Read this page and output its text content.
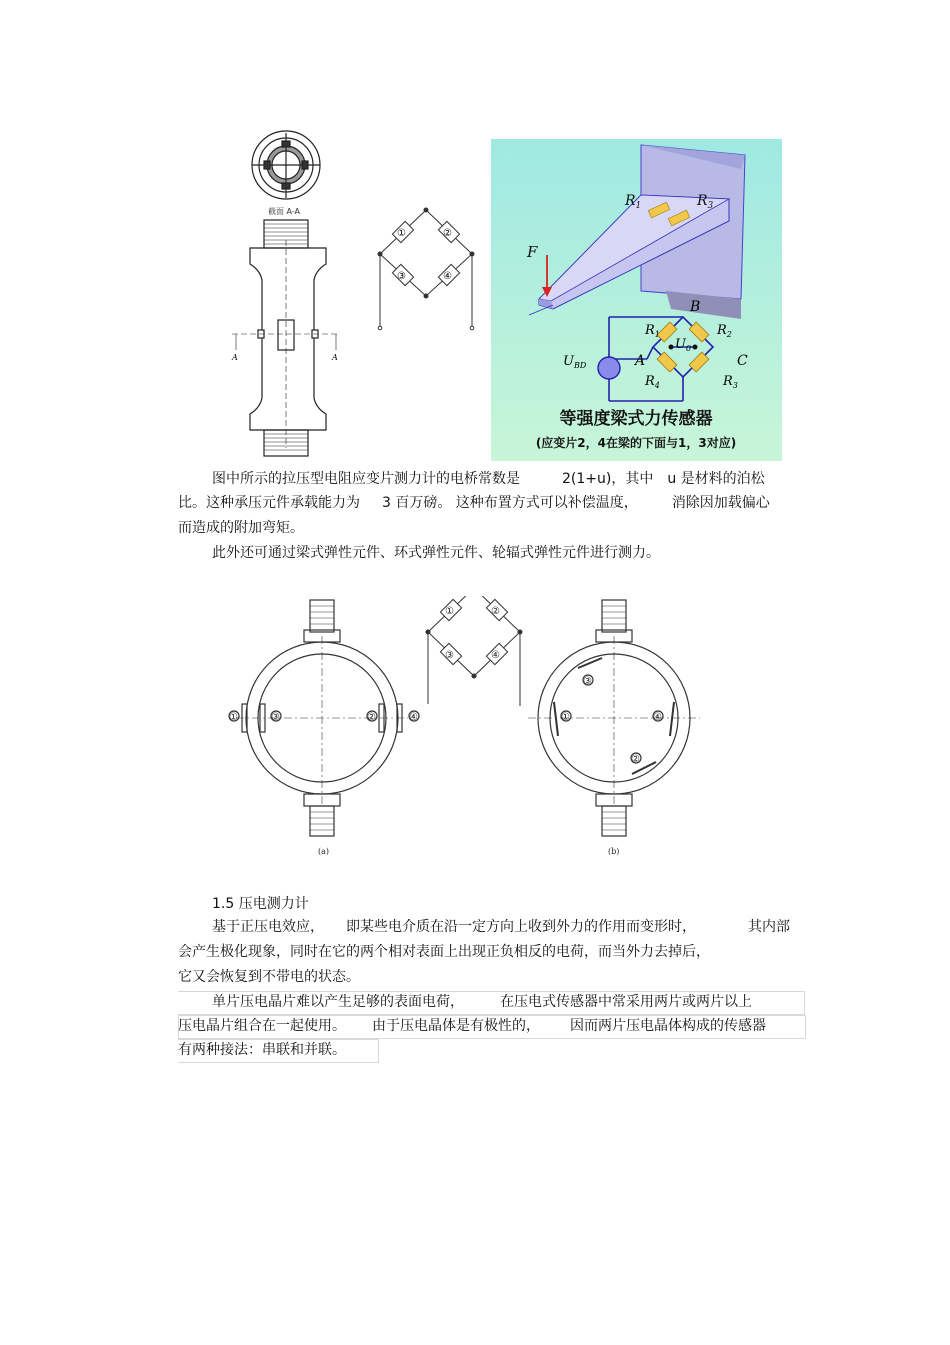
截面 A-A
A	A
①	②
③	④
$R_1$	$R_3$
F
B
$R_1$	$R_2$
$U_0$
A	C
$U_{BD}$
$R_4$	$R_3$
等强度梁式力传感器
(应变片2，4在梁的下面与1，3对应)
图中所示的拉压型电阻应变片测力计的电桥常数是	2(1+u)，其中 u 是材料的泊松
比。这种承压元件承载能力为 3 百万磅。 这种布置方式可以补偿温度， 消除因加载偏心
而造成的附加弯矩。
此外还可通过梁式弹性元件、环式弹性元件、轮辐式弹性元件进行测力。
①	③	②	④	①	④
③
②
①	②
③	④
(a)	(b)
1.5 压电测力计
基于正压电效应， 即某些电介质在沿一定方向上收到外力的作用而变形时，	其内部
会产生极化现象，同时在它的两个相对表面上出现正负相反的电荷，而当外力去掉后，
它又会恢复到不带电的状态。
单片压电晶片难以产生足够的表面电荷，	在压电式传感器中常采用两片或两片以上
压电晶片组合在一起使用。 由于压电晶体是有极性的， 因而两片压电晶体构成的传感器
有两种接法：串联和并联。
